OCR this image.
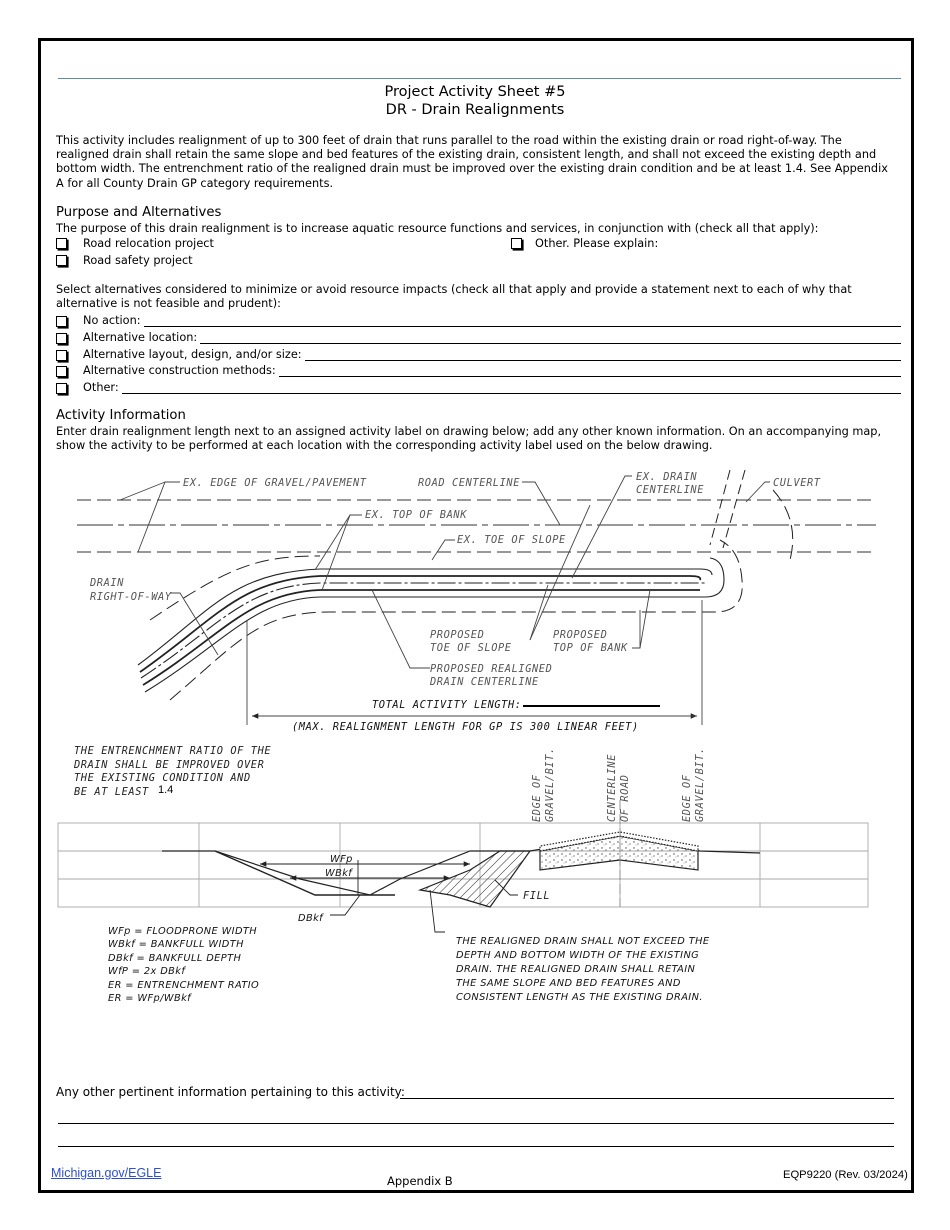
Project Activity Sheet #5
DR - Drain Realignments
This activity includes realignment of up to 300 feet of drain that runs parallel to the road within the existing drain or road right-of-way. The realigned drain shall retain the same slope and bed features of the existing drain, consistent length, and shall not exceed the existing depth and bottom width. The entrenchment ratio of the realigned drain must be improved over the existing drain condition and be at least 1.4. See Appendix A for all County Drain GP category requirements.
Purpose and Alternatives
The purpose of this drain realignment is to increase aquatic resource functions and services, in conjunction with (check all that apply):
Road relocation project
Road safety project
Other. Please explain:
Select alternatives considered to minimize or avoid resource impacts (check all that apply and provide a statement next to each of why that alternative is not feasible and prudent):
No action:
Alternative location:
Alternative layout, design, and/or size:
Alternative construction methods:
Other:
Activity Information
Enter drain realignment length next to an assigned activity label on drawing below; add any other known information. On an accompanying map, show the activity to be performed at each location with the corresponding activity label used on the below drawing.
EX. EDGE OF GRAVEL/PAVEMENT	ROAD CENTERLINE	EX. DRAIN
CENTERLINE
CULVERT
EX. TOP OF BANK
EX. TOE OF SLOPE
DRAIN
RIGHT-OF-WAY
PROPOSED
TOE OF SLOPE
PROPOSED
TOP OF BANK
PROPOSED REALIGNED
DRAIN CENTERLINE
TOTAL ACTIVITY LENGTH:
(MAX. REALIGNMENT LENGTH FOR GP IS 300 LINEAR FEET)
THE ENTRENCHMENT RATIO OF THE
DRAIN SHALL BE IMPROVED OVER
THE EXISTING CONDITION AND
BE AT LEAST 1.4	EDGE OF GRAVEL/BIT.	CENTERLINE OF ROAD	EDGE OF GRAVEL/BIT.
WFp
WBkf
DBkf
FILL
WFp = FLOODPRONE WIDTH
WBkf = BANKFULL WIDTH
DBkf = BANKFULL DEPTH
WfP = 2x DBkf
ER = ENTRENCHMENT RATIO
ER = WFp/WBkf
THE REALIGNED DRAIN SHALL NOT EXCEED THE
DEPTH AND BOTTOM WIDTH OF THE EXISTING
DRAIN. THE REALIGNED DRAIN SHALL RETAIN
THE SAME SLOPE AND BED FEATURES AND
CONSISTENT LENGTH AS THE EXISTING DRAIN.
Any other pertinent information pertaining to this activity:
Michigan.gov/EGLE
Appendix B	EQP9220 (Rev. 03/2024)
